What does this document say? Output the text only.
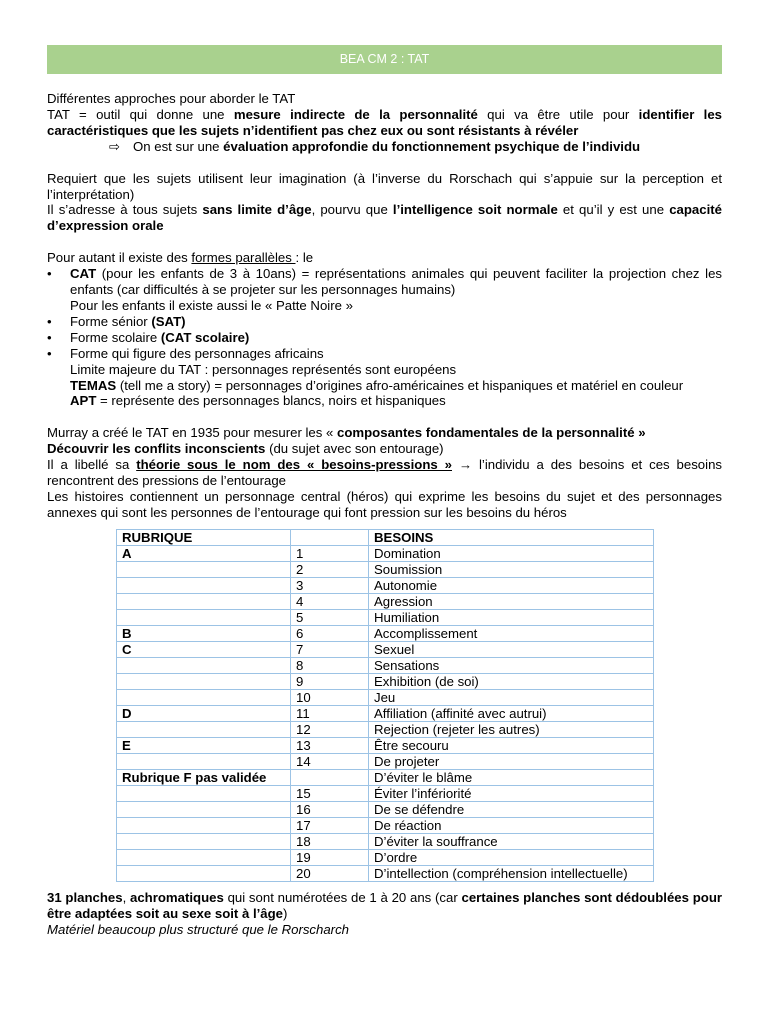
BEA CM 2 : TAT

Différentes approches pour aborder le TAT

TAT = outil qui donne une mesure indirecte de la personnalité qui va être utile pour identifier les caractéristiques que les sujets n’identifient pas chez eux ou sont résistants à révéler

⇨ On est sur une évaluation approfondie du fonctionnement psychique de l’individu

Requiert que les sujets utilisent leur imagination (à l’inverse du Rorschach qui s’appuie sur la perception et l’interprétation)

Il s’adresse à tous sujets sans limite d’âge, pourvu que l’intelligence soit normale et qu’il y est une capacité d’expression orale

Pour autant il existe des formes parallèles : le

• CAT (pour les enfants de 3 à 10ans) = représentations animales qui peuvent faciliter la projection chez les enfants (car difficultés à se projeter sur les personnages humains)

Pour les enfants il existe aussi le « Patte Noire »

• Forme sénior (SAT)
• Forme scolaire (CAT scolaire)

• Forme qui figure des personnages africains

Limite majeure du TAT : personnages représentés sont européens

TEMAS (tell me a story) = personnages d’origines afro-américaines et hispaniques et matériel en couleur

APT = représente des personnages blancs, noirs et hispaniques

Murray a créé le TAT en 1935 pour mesurer les « composantes fondamentales de la personnalité »

Découvrir les conflits inconscients (du sujet avec son entourage)

Il a libellé sa théorie sous le nom des « besoins-pressions » → l’individu a des besoins et ces besoins rencontrent des pressions de l’entourage

Les histoires contiennent un personnage central (héros) qui exprime les besoins du sujet et des personnages annexes qui sont les personnes de l’entourage qui font pression sur les besoins du héros

RUBRIQUE		BESOINS
A	1	Domination
	2	Soumission
	3	Autonomie
	4	Agression
	5	Humiliation
B	6	Accomplissement
C	7	Sexuel
	8	Sensations
	9	Exhibition (de soi)
	10	Jeu
D	11	Affiliation (affinité avec autrui)
	12	Rejection (rejeter les autres)
E	13	Être secouru
	14	De projeter
Rubrique F pas validée		D’éviter le blâme
	15	Éviter l’infériorité
	16	De se défendre
	17	De réaction
	18	D’éviter la souffrance
	19	D’ordre
	20	D’intellection (compréhension intellectuelle)

31 planches, achromatiques qui sont numérotées de 1 à 20 ans (car certaines planches sont dédoublées pour être adaptées soit au sexe soit à l’âge)

Matériel beaucoup plus structuré que le Rorscharch
